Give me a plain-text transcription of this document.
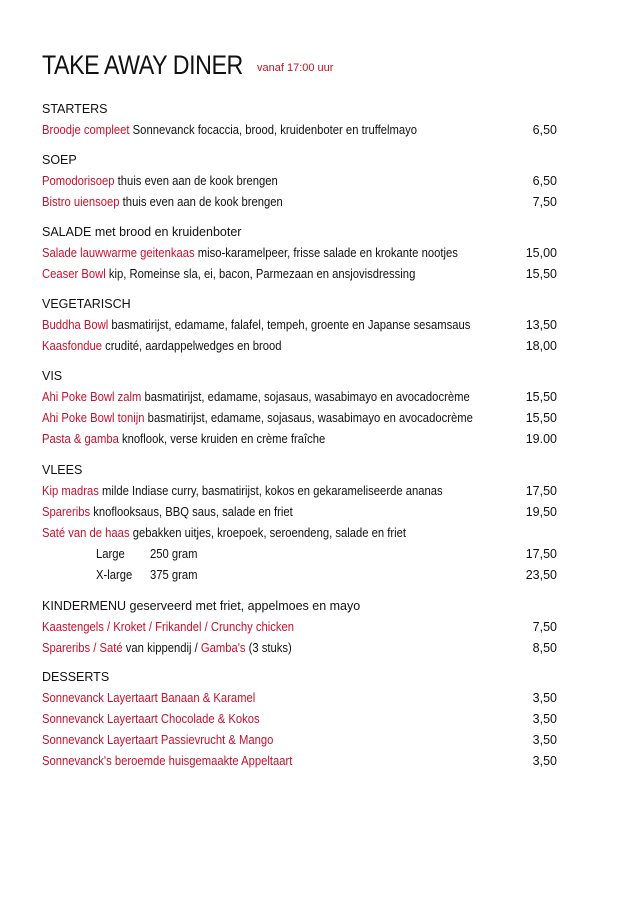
TAKE AWAY DINER vanaf 17:00 uur
STARTERS
Broodje compleet Sonnevanck focaccia, brood, kruidenboter en truffelmayo	6,50
SOEP
Pomodorisoep thuis even aan de kook brengen	6,50
Bistro uiensoep thuis even aan de kook brengen	7,50
SALADE met brood en kruidenboter
Salade lauwwarme geitenkaas miso-karamelpeer, frisse salade en krokante nootjes	15,00
Ceaser Bowl kip, Romeinse sla, ei, bacon, Parmezaan en ansjovisdressing	15,50
VEGETARISCH
Buddha Bowl basmatirijst, edamame, falafel, tempeh, groente en Japanse sesamsaus	13,50
Kaasfondue crudité, aardappelwedges en brood	18,00
VIS
Ahi Poke Bowl zalm basmatirijst, edamame, sojasaus, wasabimayo en avocadocrème	15,50
Ahi Poke Bowl tonijn basmatirijst, edamame, sojasaus, wasabimayo en avocadocrème	15,50
Pasta & gamba knoflook, verse kruiden en crème fraîche	19.00
VLEES
Kip madras milde Indiase curry, basmatirijst, kokos en gekarameliseerde ananas	17,50
Spareribs knoflooksaus, BBQ saus, salade en friet	19,50
Saté van de haas gebakken uitjes, kroepoek, seroendeng, salade en friet
Large 250 gram	17,50
X-large 375 gram	23,50
KINDERMENU geserveerd met friet, appelmoes en mayo
Kaastengels / Kroket / Frikandel / Crunchy chicken	7,50
Spareribs / Saté van kippendij / Gamba's (3 stuks)	8,50
DESSERTS
Sonnevanck Layertaart Banaan & Karamel	3,50
Sonnevanck Layertaart Chocolade & Kokos	3,50
Sonnevanck Layertaart Passievrucht & Mango	3,50
Sonnevanck's beroemde huisgemaakte Appeltaart	3,50
